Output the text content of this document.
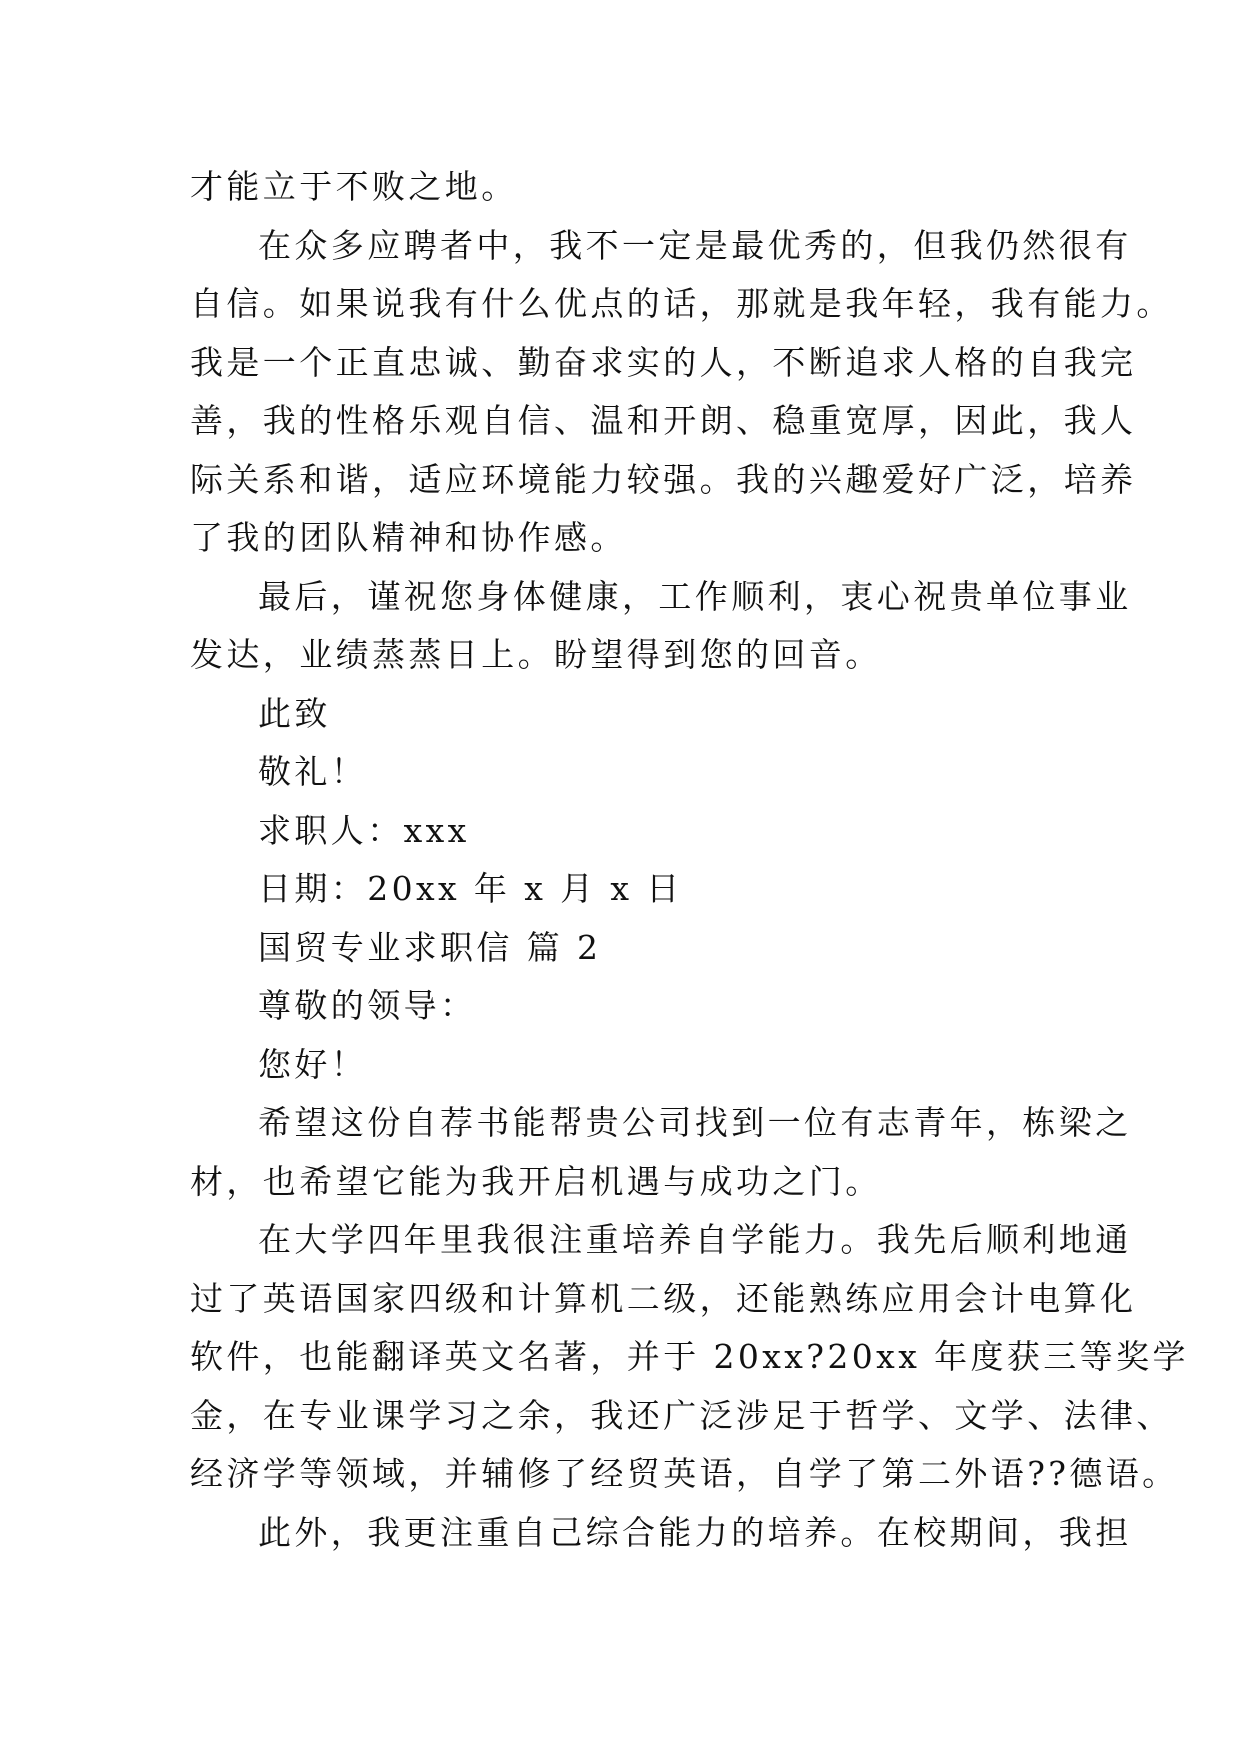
才能立于不败之地。
在众多应聘者中，我不一定是最优秀的，但我仍然很有
自信。如果说我有什么优点的话，那就是我年轻，我有能力。
我是一个正直忠诚、勤奋求实的人，不断追求人格的自我完
善，我的性格乐观自信、温和开朗、稳重宽厚，因此，我人
际关系和谐，适应环境能力较强。我的兴趣爱好广泛，培养
了我的团队精神和协作感。
最后，谨祝您身体健康，工作顺利，衷心祝贵单位事业
发达，业绩蒸蒸日上。盼望得到您的回音。
此致
敬礼！
求职人：xxx
日期：20xx 年 x 月 x 日
国贸专业求职信 篇 2
尊敬的领导：
您好！
希望这份自荐书能帮贵公司找到一位有志青年，栋梁之
材，也希望它能为我开启机遇与成功之门。
在大学四年里我很注重培养自学能力。我先后顺利地通
过了英语国家四级和计算机二级，还能熟练应用会计电算化
软件，也能翻译英文名著，并于 20xx?20xx 年度获三等奖学
金，在专业课学习之余，我还广泛涉足于哲学、文学、法律、
经济学等领域，并辅修了经贸英语，自学了第二外语??德语。
此外，我更注重自己综合能力的培养。在校期间，我担
